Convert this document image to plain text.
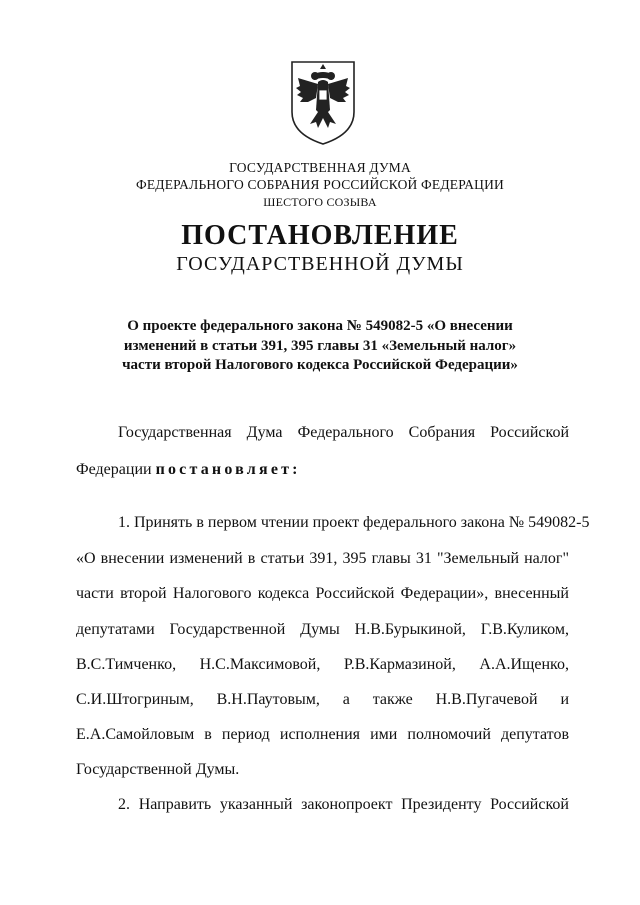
ГОСУДАРСТВЕННАЯ ДУМА
ФЕДЕРАЛЬНОГО СОБРАНИЯ РОССИЙСКОЙ ФЕДЕРАЦИИ
ШЕСТОГО СОЗЫВА
ПОСТАНОВЛЕНИЕ
ГОСУДАРСТВЕННОЙ ДУМЫ
О проекте федерального закона № 549082-5 «О внесении
изменений в статьи 391, 395 главы 31 «Земельный налог»
части второй Налогового кодекса Российской Федерации»
Государственная Дума Федерального Собрания Российской
Федерации постановляет:
1. Принять в первом чтении проект федерального закона № 549082-5
«О внесении изменений в статьи 391, 395 главы 31 "Земельный налог"
части второй Налогового кодекса Российской Федерации», внесенный
депутатами Государственной Думы Н.В.Бурыкиной, Г.В.Куликом,
В.С.Тимченко, Н.С.Максимовой, Р.В.Кармазиной, А.А.Ищенко,
С.И.Штогриным, В.Н.Паутовым, а также Н.В.Пугачевой и
Е.А.Самойловым в период исполнения ими полномочий депутатов
Государственной Думы.
2. Направить указанный законопроект Президенту Российской
